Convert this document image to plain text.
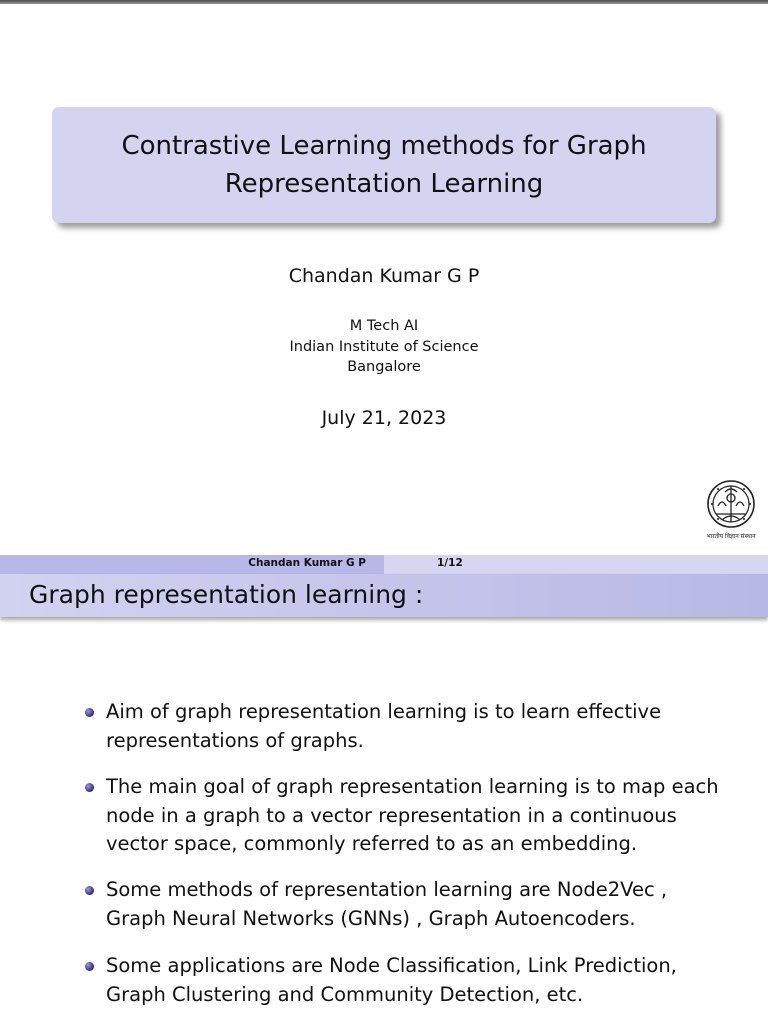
Contrastive Learning methods for Graph
Representation Learning
Chandan Kumar G P
M Tech AI
Indian Institute of Science
Bangalore
July 21, 2023
भारतीय विज्ञान संस्थान
Chandan Kumar G P	1/12
Graph representation learning :
Aim of graph representation learning is to learn effective
representations of graphs.
The main goal of graph representation learning is to map each
node in a graph to a vector representation in a continuous
vector space, commonly referred to as an embedding.
Some methods of representation learning are Node2Vec ,
Graph Neural Networks (GNNs) , Graph Autoencoders.
Some applications are Node Classification, Link Prediction,
Graph Clustering and Community Detection, etc.
